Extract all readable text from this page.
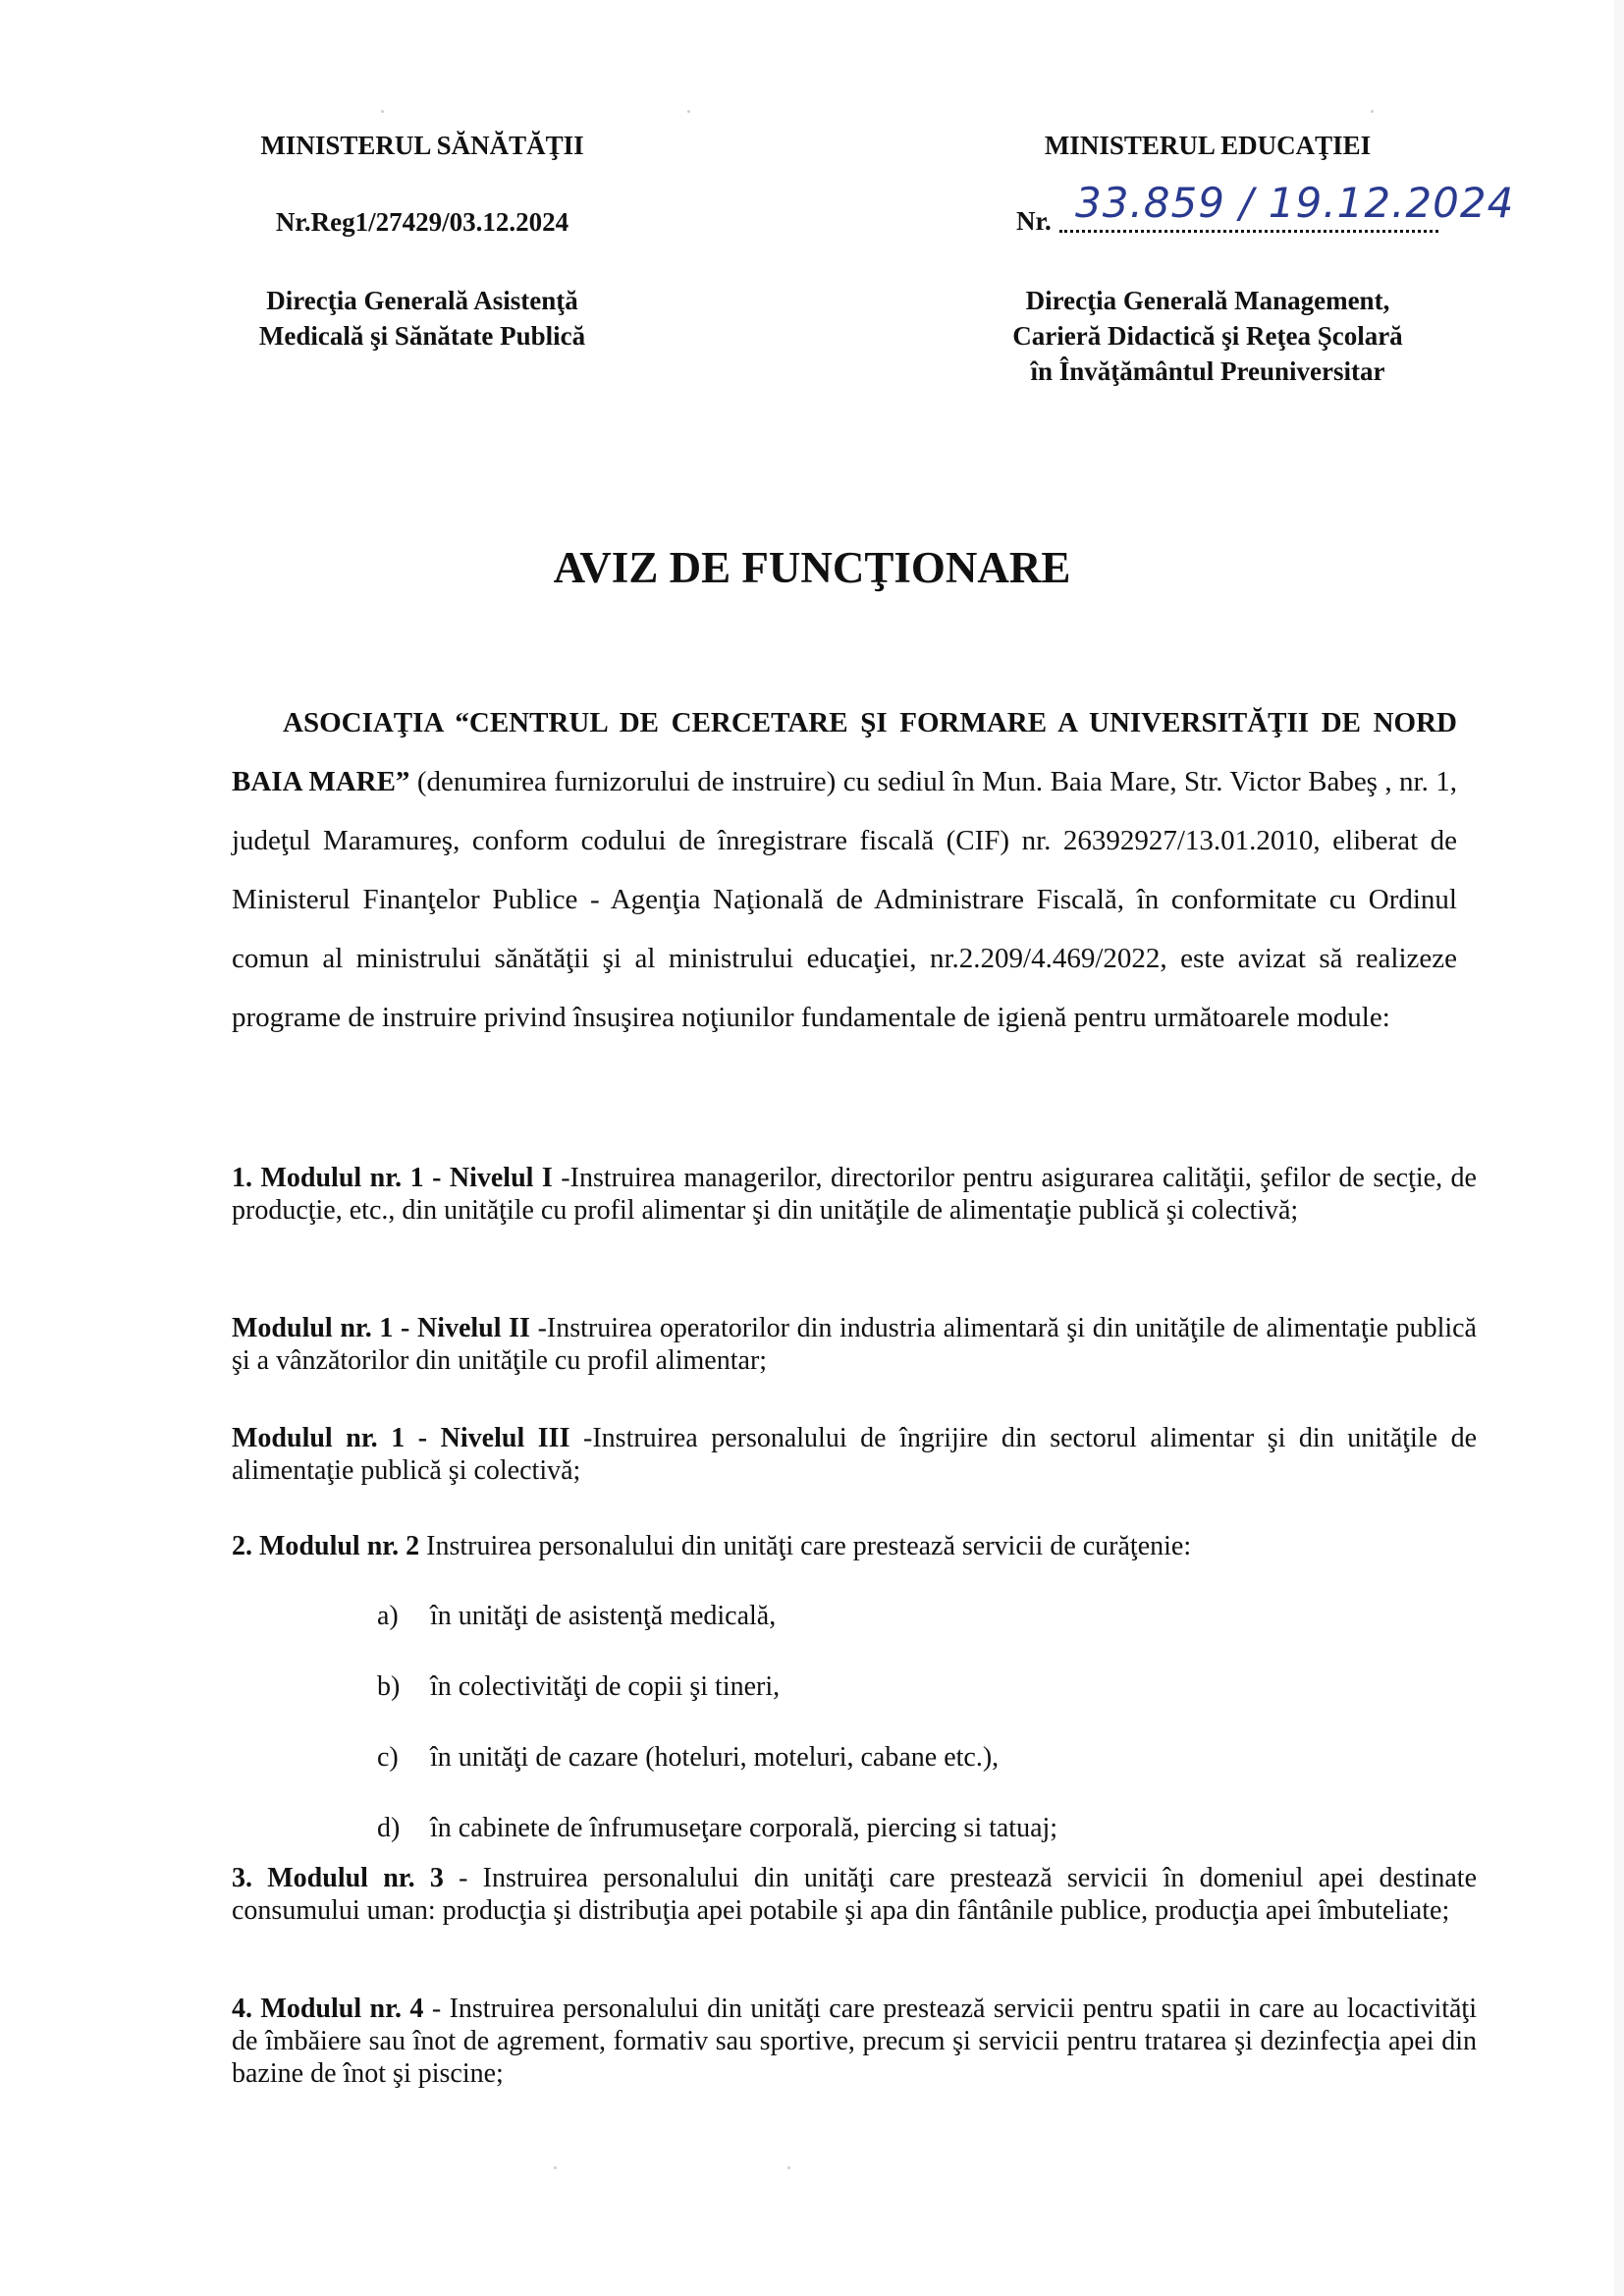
MINISTERUL SĂNĂTĂŢII
Nr.Reg1/27429/03.12.2024
Direcţia Generală Asistenţă
Medicală şi Sănătate Publică
MINISTERUL EDUCAŢIEI
Nr. 33.859 / 19.12.2024
Direcţia Generală Management,
Carieră Didactică şi Reţea Şcolară
în Învăţământul Preuniversitar
AVIZ DE FUNCŢIONARE
ASOCIAŢIA “CENTRUL DE CERCETARE ŞI FORMARE A UNIVERSITĂŢII DE NORD BAIA MARE” (denumirea furnizorului de instruire) cu sediul în Mun. Baia Mare, Str. Victor Babeş , nr. 1, judeţul Maramureş, conform codului de înregistrare fiscală (CIF) nr. 26392927/13.01.2010, eliberat de Ministerul Finanţelor Publice - Agenţia Naţională de Administrare Fiscală, în conformitate cu Ordinul comun al ministrului sănătăţii şi al ministrului educaţiei, nr.2.209/4.469/2022, este avizat să realizeze programe de instruire privind însuşirea noţiunilor fundamentale de igienă pentru următoarele module:
1. Modulul nr. 1 - Nivelul I -Instruirea managerilor, directorilor pentru asigurarea calităţii, şefilor de secţie, de producţie, etc., din unităţile cu profil alimentar şi din unităţile de alimentaţie publică şi colectivă;
Modulul nr. 1 - Nivelul II -Instruirea operatorilor din industria alimentară şi din unităţile de alimentaţie publică şi a vânzătorilor din unităţile cu profil alimentar;
Modulul nr. 1 - Nivelul III -Instruirea personalului de îngrijire din sectorul alimentar şi din unităţile de alimentaţie publică şi colectivă;
2. Modulul nr. 2 Instruirea personalului din unităţi care prestează servicii de curăţenie:
a) în unităţi de asistenţă medicală,
b) în colectivităţi de copii şi tineri,
c) în unităţi de cazare (hoteluri, moteluri, cabane etc.),
d) în cabinete de înfrumuseţare corporală, piercing si tatuaj;
3. Modulul nr. 3 - Instruirea personalului din unităţi care prestează servicii în domeniul apei destinate consumului uman: producţia şi distribuţia apei potabile şi apa din fântânile publice, producţia apei îmbuteliate;
4. Modulul nr. 4 - Instruirea personalului din unităţi care prestează servicii pentru spatii in care au locactivităţi de îmbăiere sau înot de agrement, formativ sau sportive, precum şi servicii pentru tratarea şi dezinfecţia apei din bazine de înot şi piscine;
